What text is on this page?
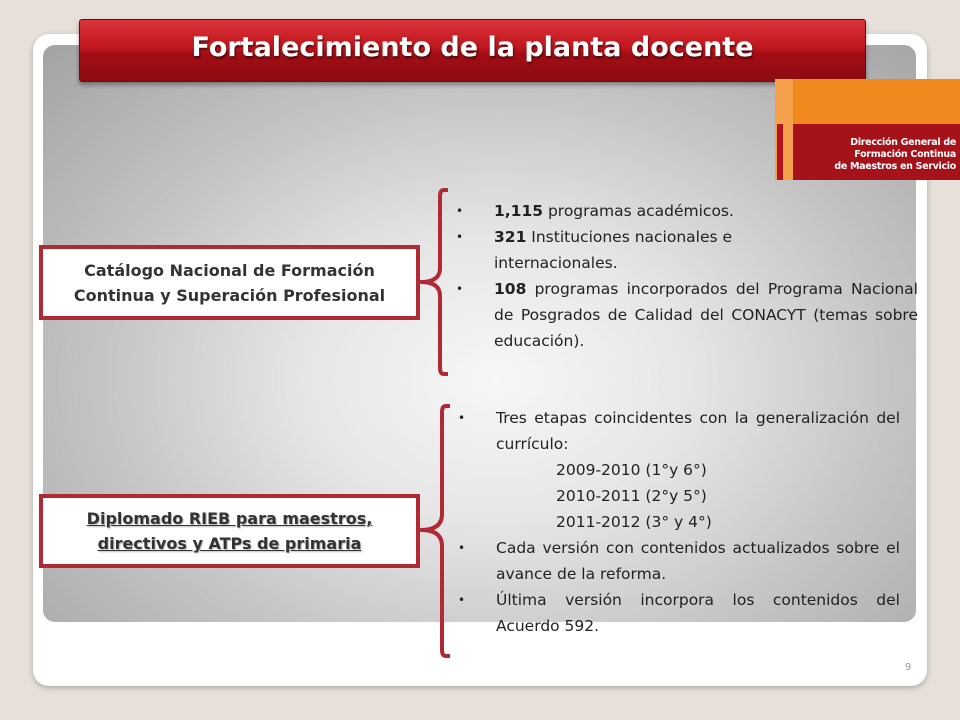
Fortalecimiento de la planta docente
Dirección General de Formación Continua
de Maestros en Servicio
Catálogo Nacional de Formación Continua y Superación Profesional
• 1,115 programas académicos.
• 321 Instituciones nacionales e internacionales.
• 108 programas incorporados del Programa Nacional de Posgrados de Calidad del CONACYT (temas sobre educación).
Diplomado RIEB para maestros, directivos y ATPs de primaria
• Tres etapas coincidentes con la generalización del currículo:
2009-2010 (1°y 6°)
2010-2011 (2°y 5°)
2011-2012 (3° y 4°)
• Cada versión con contenidos actualizados sobre el avance de la reforma.
• Última versión incorpora los contenidos del Acuerdo 592.
9
